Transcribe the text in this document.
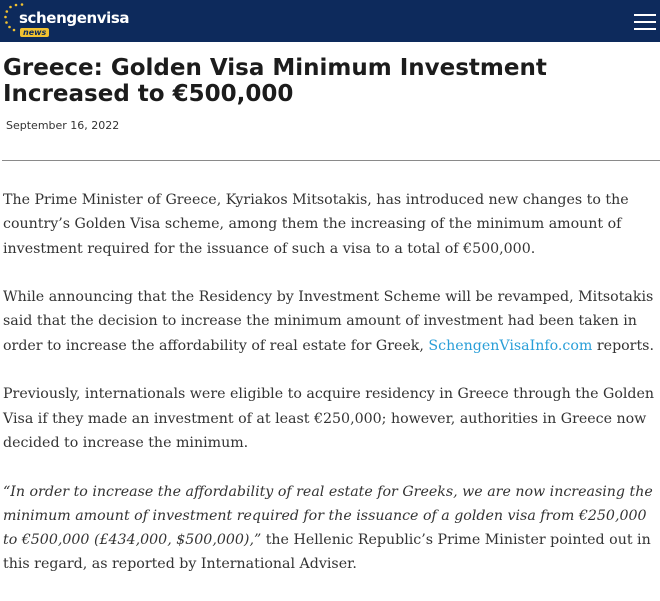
schengenvisa
news
Greece: Golden Visa Minimum Investment Increased to €500,000
September 16, 2022

The Prime Minister of Greece, Kyriakos Mitsotakis, has introduced new changes to the country’s Golden Visa scheme, among them the increasing of the minimum amount of investment required for the issuance of such a visa to a total of €500,000.

While announcing that the Residency by Investment Scheme will be revamped, Mitsotakis said that the decision to increase the minimum amount of investment had been taken in order to increase the affordability of real estate for Greek, SchengenVisaInfo.com reports.

Previously, internationals were eligible to acquire residency in Greece through the Golden Visa if they made an investment of at least €250,000; however, authorities in Greece now decided to increase the minimum.

“In order to increase the affordability of real estate for Greeks, we are now increasing the minimum amount of investment required for the issuance of a golden visa from €250,000 to €500,000 (£434,000, $500,000),” the Hellenic Republic’s Prime Minister pointed out in this regard, as reported by International Adviser.
